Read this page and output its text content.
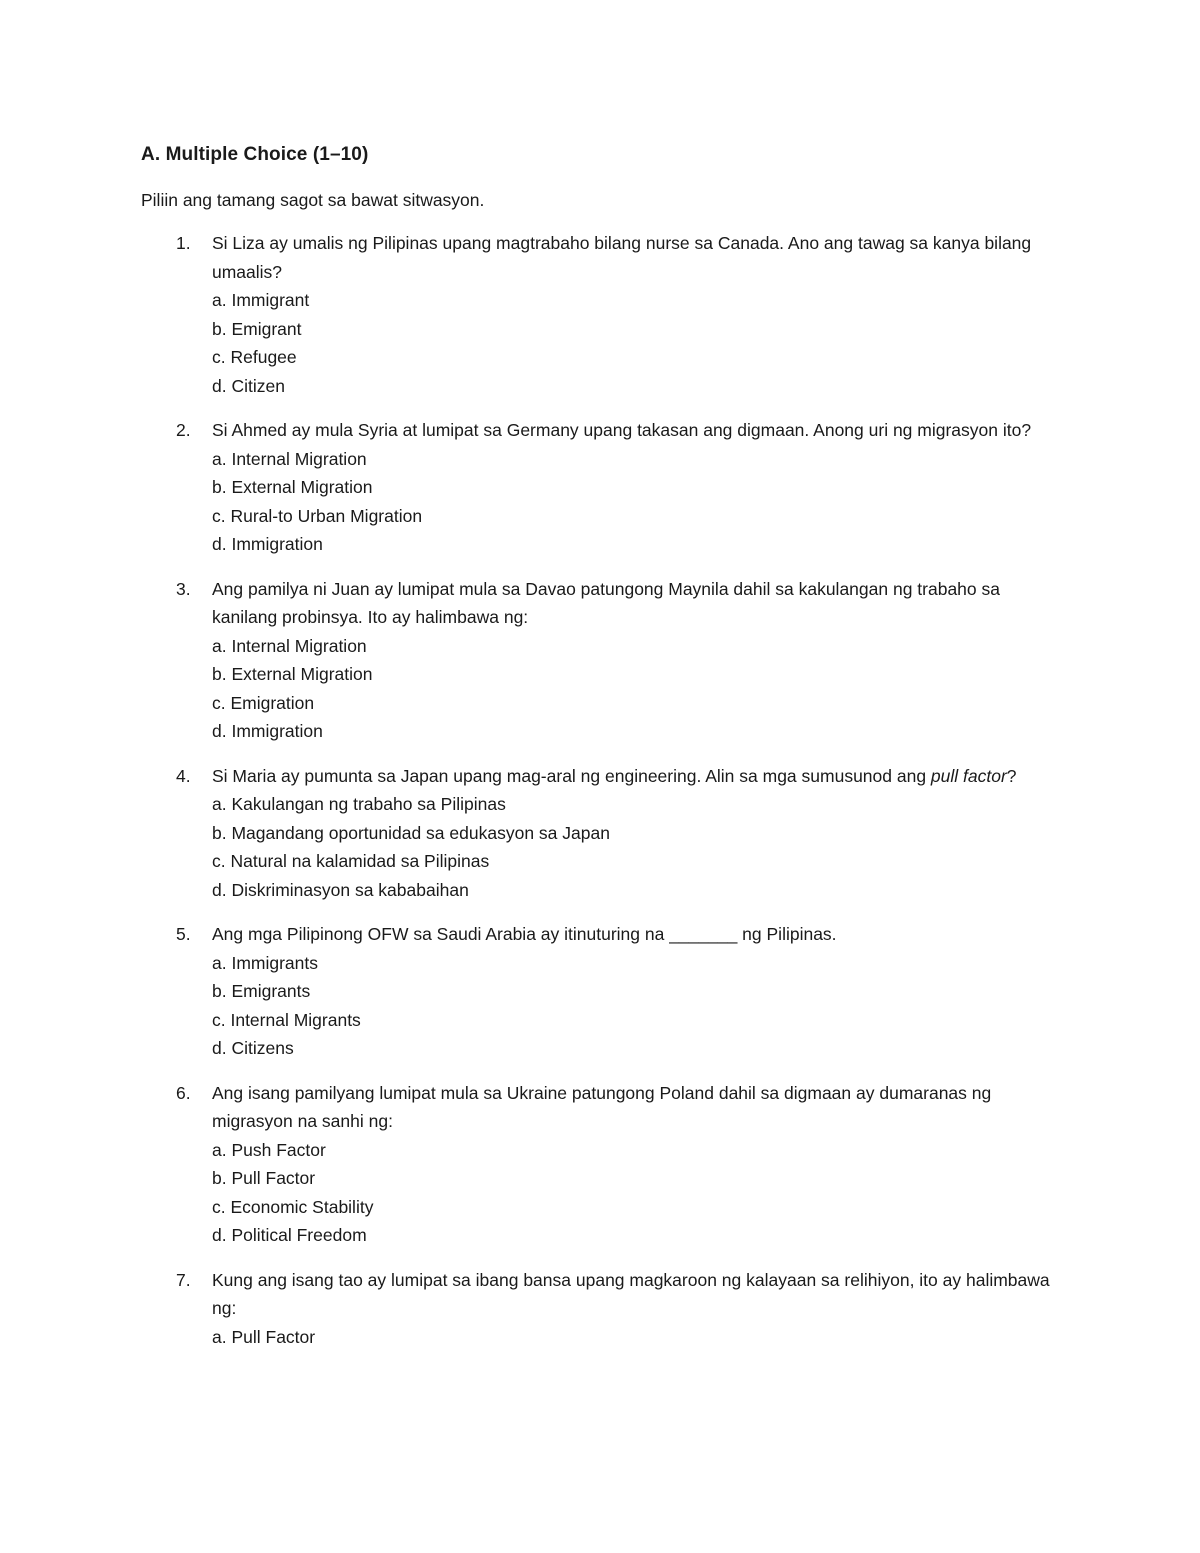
A. Multiple Choice (1–10)

Piliin ang tamang sagot sa bawat sitwasyon.

1. Si Liza ay umalis ng Pilipinas upang magtrabaho bilang nurse sa Canada. Ano ang tawag sa kanya bilang umaalis?
a. Immigrant
b. Emigrant
c. Refugee
d. Citizen
2. Si Ahmed ay mula Syria at lumipat sa Germany upang takasan ang digmaan. Anong uri ng migrasyon ito?
a. Internal Migration
b. External Migration
c. Rural-to Urban Migration
d. Immigration
3. Ang pamilya ni Juan ay lumipat mula sa Davao patungong Maynila dahil sa kakulangan ng trabaho sa kanilang probinsya. Ito ay halimbawa ng:
a. Internal Migration
b. External Migration
c. Emigration
d. Immigration
4. Si Maria ay pumunta sa Japan upang mag-aral ng engineering. Alin sa mga sumusunod ang pull factor?
a. Kakulangan ng trabaho sa Pilipinas
b. Magandang oportunidad sa edukasyon sa Japan
c. Natural na kalamidad sa Pilipinas
d. Diskriminasyon sa kababaihan
5. Ang mga Pilipinong OFW sa Saudi Arabia ay itinuturing na _______ ng Pilipinas.
a. Immigrants
b. Emigrants
c. Internal Migrants
d. Citizens
6. Ang isang pamilyang lumipat mula sa Ukraine patungong Poland dahil sa digmaan ay dumaranas ng migrasyon na sanhi ng:
a. Push Factor
b. Pull Factor
c. Economic Stability
d. Political Freedom
7. Kung ang isang tao ay lumipat sa ibang bansa upang magkaroon ng kalayaan sa relihiyon, ito ay halimbawa ng:
a. Pull Factor
